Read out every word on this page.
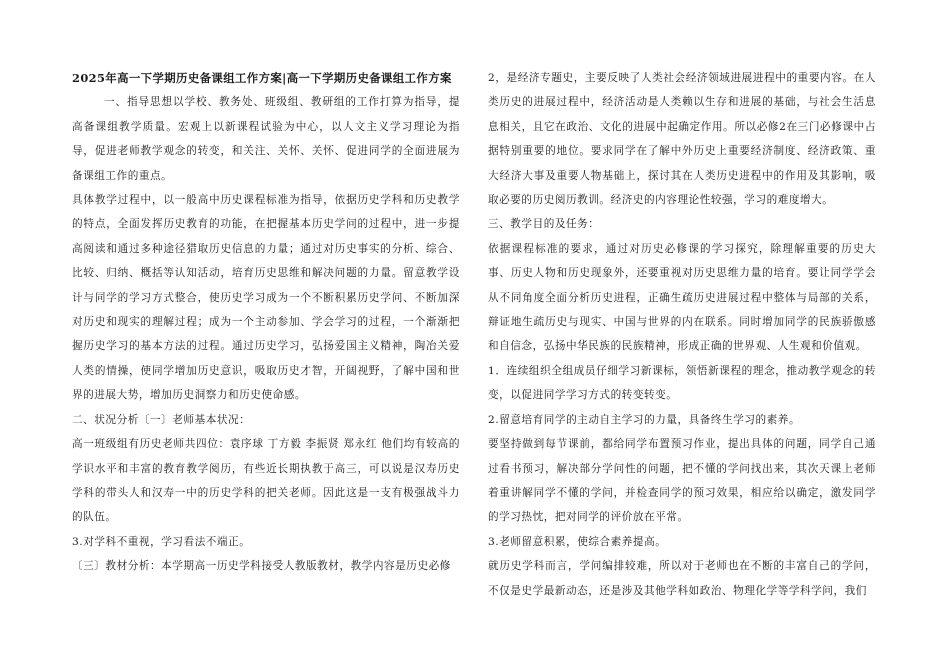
2025年高一下学期历史备课组工作方案|高一下学期历史备课组工作方案

一、指导思想以学校、教务处、班级组、教研组的工作打算为指导，提高备课组教学质量。宏观上以新课程试验为中心，以人文主义学习理论为指导，促进老师教学观念的转变，和关注、关怀、关怀、促进同学的全面进展为备课组工作的重点。

具体教学过程中，以一般高中历史课程标准为指导，依据历史学科和历史教学的特点，全面发挥历史教育的功能，在把握基本历史学问的过程中，进一步提高阅读和通过多种途径猎取历史信息的力量；通过对历史事实的分析、综合、比较、归纳、概括等认知活动，培育历史思维和解决问题的力量。留意教学设计与同学的学习方式整合，使历史学习成为一个不断积累历史学问、不断加深对历史和现实的理解过程；成为一个主动参加、学会学习的过程，一个渐渐把握历史学习的基本方法的过程。通过历史学习，弘扬爱国主义精神，陶冶关爱人类的情操，使同学增加历史意识，吸取历史才智，开阔视野，了解中国和世界的进展大势，增加历史洞察力和历史使命感。

二、状况分析〔一〕老师基本状况：

高一班级组有历史老师共四位：袁序球 丁方毅 李振贤 郑永红 他们均有较高的学识水平和丰富的教育教学阅历，有些近长期执教于高三，可以说是汉寿历史学科的带头人和汉寿一中的历史学科的把关老师。因此这是一支有极强战斗力的队伍。

3.对学科不重视，学习看法不端正。

〔三〕教材分析：本学期高一历史学科接受人教版教材，教学内容是历史必修

2，是经济专题史，主要反映了人类社会经济领域进展进程中的重要内容。在人类历史的进展过程中，经济活动是人类赖以生存和进展的基础，与社会生活息息相关，且它在政治、文化的进展中起确定作用。所以必修2在三门必修课中占据特别重要的地位。要求同学在了解中外历史上重要经济制度、经济政策、重大经济大事及重要人物基础上，探讨其在人类历史进程中的作用及其影响，吸取必要的历史阅历教训。经济史的内容理论性较强，学习的难度增大。

三、教学目的及任务：

依据课程标准的要求，通过对历史必修课的学习探究，除理解重要的历史大事、历史人物和历史现象外，还要重视对历史思维力量的培育。要让同学学会从不同角度全面分析历史进程，正确生疏历史进展过程中整体与局部的关系，辩证地生疏历史与现实、中国与世界的内在联系。同时增加同学的民族骄傲感和自信念，弘扬中华民族的民族精神，形成正确的世界观、人生观和价值观。

1．连续组织全组成员仔细学习新课标，领悟新课程的理念，推动教学观念的转变，以促进同学学习方式的转变转变。

2.留意培育同学的主动自主学习的力量，具备终生学习的素养。

要坚持做到每节课前，都给同学布置预习作业，提出具体的问题，同学自己通过看书预习，解决部分学问性的问题，把不懂的学问找出来，其次天课上老师着重讲解同学不懂的学问，并检查同学的预习效果，相应给以确定，激发同学的学习热忱，把对同学的评价放在平常。

3.老师留意积累，使综合素养提高。

就历史学科而言，学问编排较难，所以对于老师也在不断的丰富自己的学问，不仅是史学最新动态，还是涉及其他学科如政治、物理化学等学科学问，我们
